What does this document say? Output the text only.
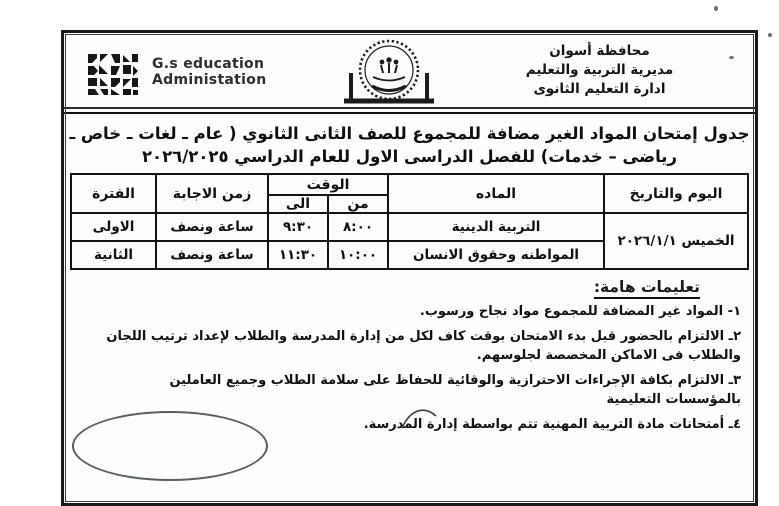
G.s education
Administation
محافظة أسوان
مديرية التربية والتعليم
ادارة التعليم الثانوى
جدول إمتحان المواد الغير مضافة للمجموع للصف الثانى الثانوي ( عام ـ لغات ـ خاص ـ
رياضى – خدمات) للفصل الدراسى الاول للعام الدراسي ٢٠٢٦/٢٠٢٥
اليوم والتاريخ	الماده	الوقت		زمن الاجابة	الفترة
		من	الى		
الخميس ٢٠٢٦/١/١	التربية الدينية	٨:٠٠	٩:٣٠	ساعة ونصف	الاولى
	المواطنه وحقوق الانسان	١٠:٠٠	١١:٣٠	ساعة ونصف	الثانية
تعليمات هامة:

١- المواد غير المضافة للمجموع مواد نجاح ورسوب.

٢ـ الالتزام بالحضور قبل بدء الامتحان بوقت كاف لكل من إدارة المدرسة والطلاب لإعداد ترتيب اللجان والطلاب فى الاماكن المخصصة لجلوسهم.

٣ـ الالتزام بكافة الإجراءات الاحترازية والوقائية للحفاظ على سلامة الطلاب وجميع العاملين بالمؤسسات التعليمية

٤ـ أمتحانات مادة التربية المهنية تتم بواسطة إدارة المدرسة.
